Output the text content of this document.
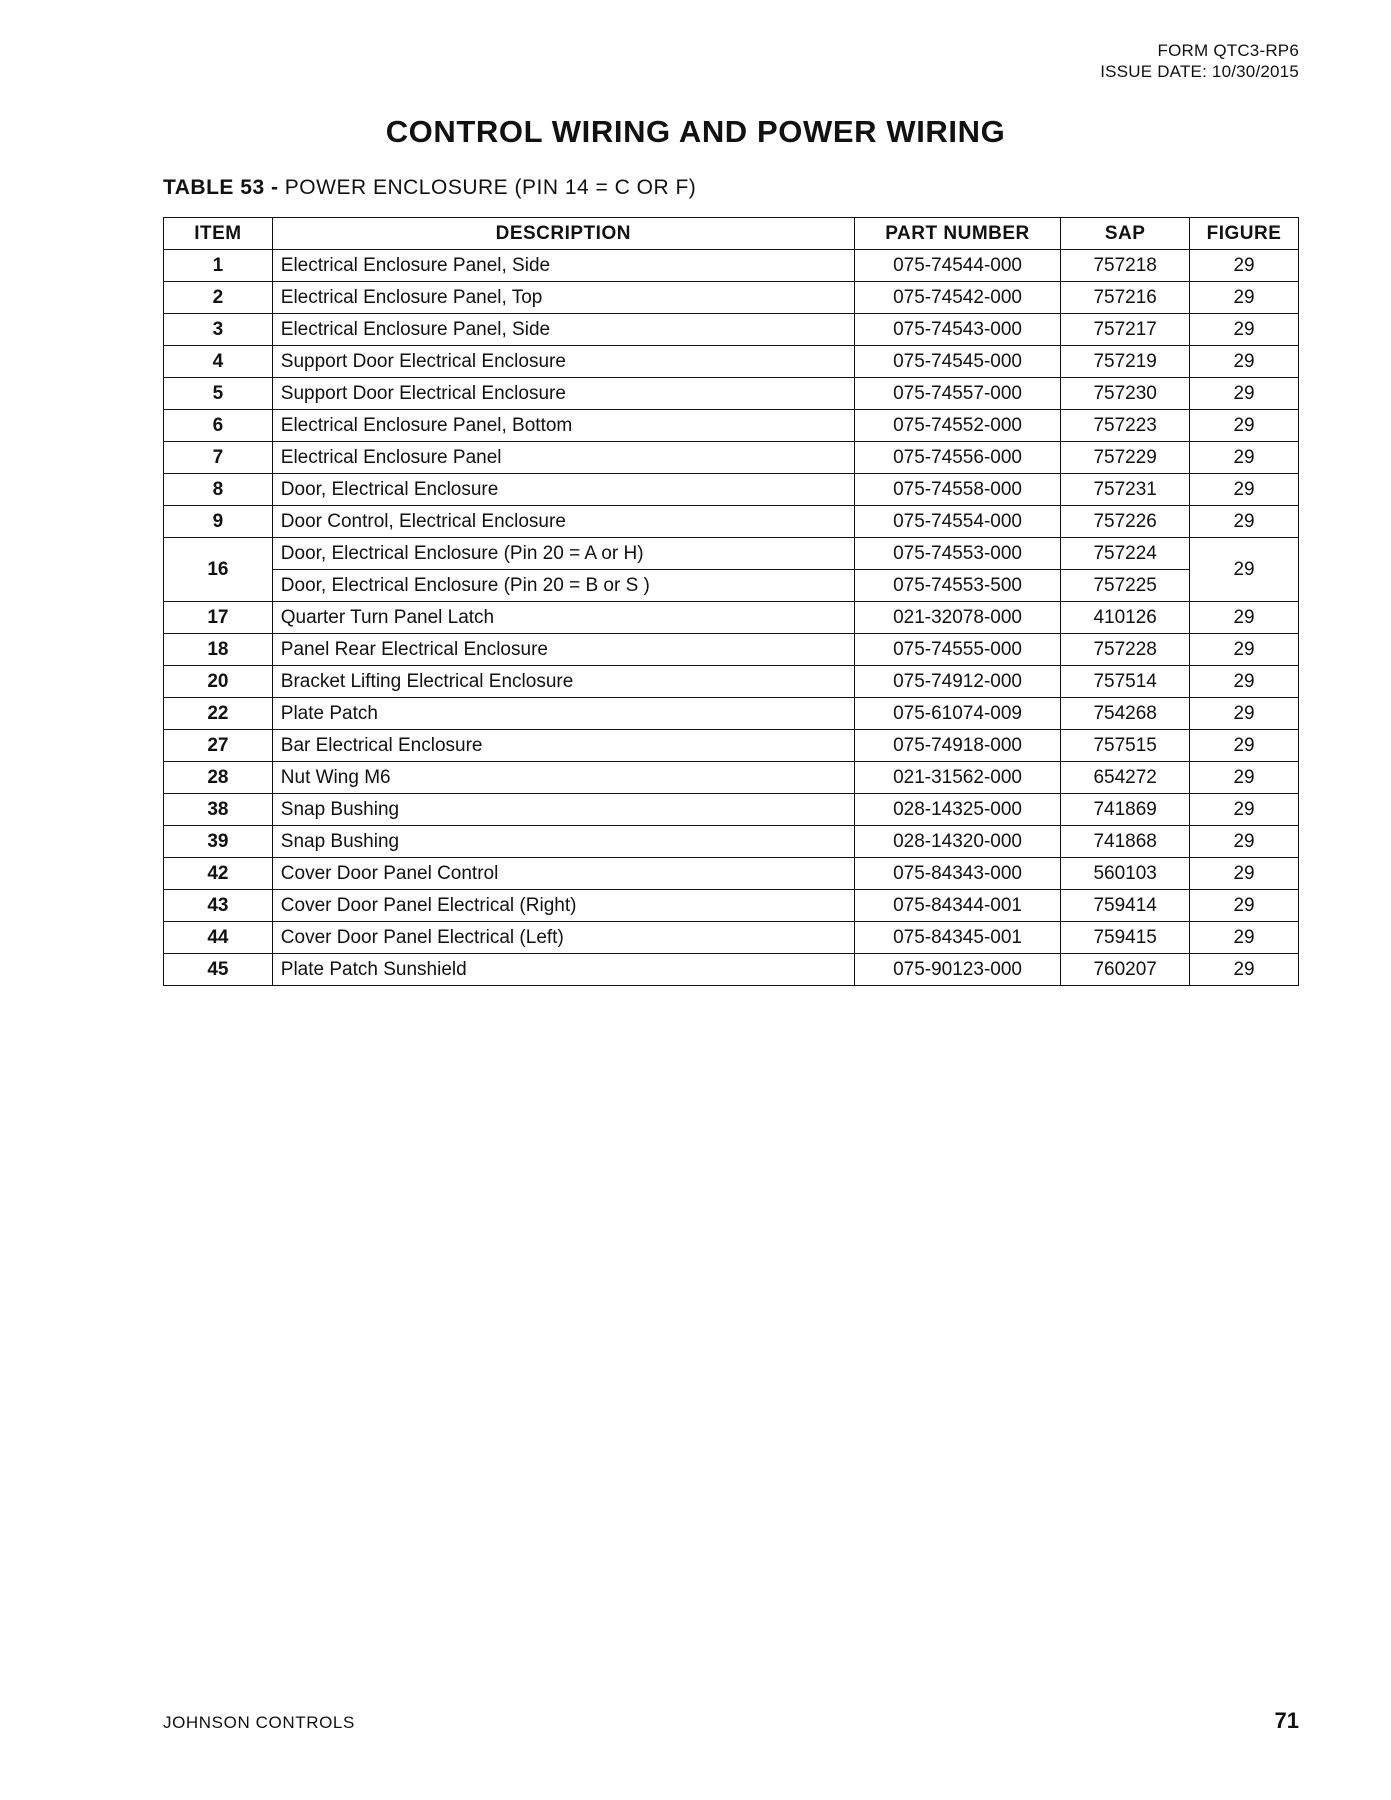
FORM QTC3-RP6
ISSUE DATE: 10/30/2015
CONTROL WIRING AND POWER WIRING
TABLE 53 - POWER ENCLOSURE (PIN 14 = C OR F)
ITEM	DESCRIPTION	PART NUMBER	SAP	FIGURE
1	Electrical Enclosure Panel, Side	075-74544-000	757218	29
2	Electrical Enclosure Panel, Top	075-74542-000	757216	29
3	Electrical Enclosure Panel, Side	075-74543-000	757217	29
4	Support Door Electrical Enclosure	075-74545-000	757219	29
5	Support Door Electrical Enclosure	075-74557-000	757230	29
6	Electrical Enclosure Panel, Bottom	075-74552-000	757223	29
7	Electrical Enclosure Panel	075-74556-000	757229	29
8	Door, Electrical Enclosure	075-74558-000	757231	29
9	Door Control, Electrical Enclosure	075-74554-000	757226	29
16	Door, Electrical Enclosure (Pin 20 = A or H)	075-74553-000	757224	29
	Door, Electrical Enclosure (Pin 20 = B or S )	075-74553-500	757225	
17	Quarter Turn Panel Latch	021-32078-000	410126	29
18	Panel Rear Electrical Enclosure	075-74555-000	757228	29
20	Bracket Lifting Electrical Enclosure	075-74912-000	757514	29
22	Plate Patch	075-61074-009	754268	29
27	Bar Electrical Enclosure	075-74918-000	757515	29
28	Nut Wing M6	021-31562-000	654272	29
38	Snap Bushing	028-14325-000	741869	29
39	Snap Bushing	028-14320-000	741868	29
42	Cover Door Panel Control	075-84343-000	560103	29
43	Cover Door Panel Electrical (Right)	075-84344-001	759414	29
44	Cover Door Panel Electrical (Left)	075-84345-001	759415	29
45	Plate Patch Sunshield	075-90123-000	760207	29
JOHNSON CONTROLS	71
